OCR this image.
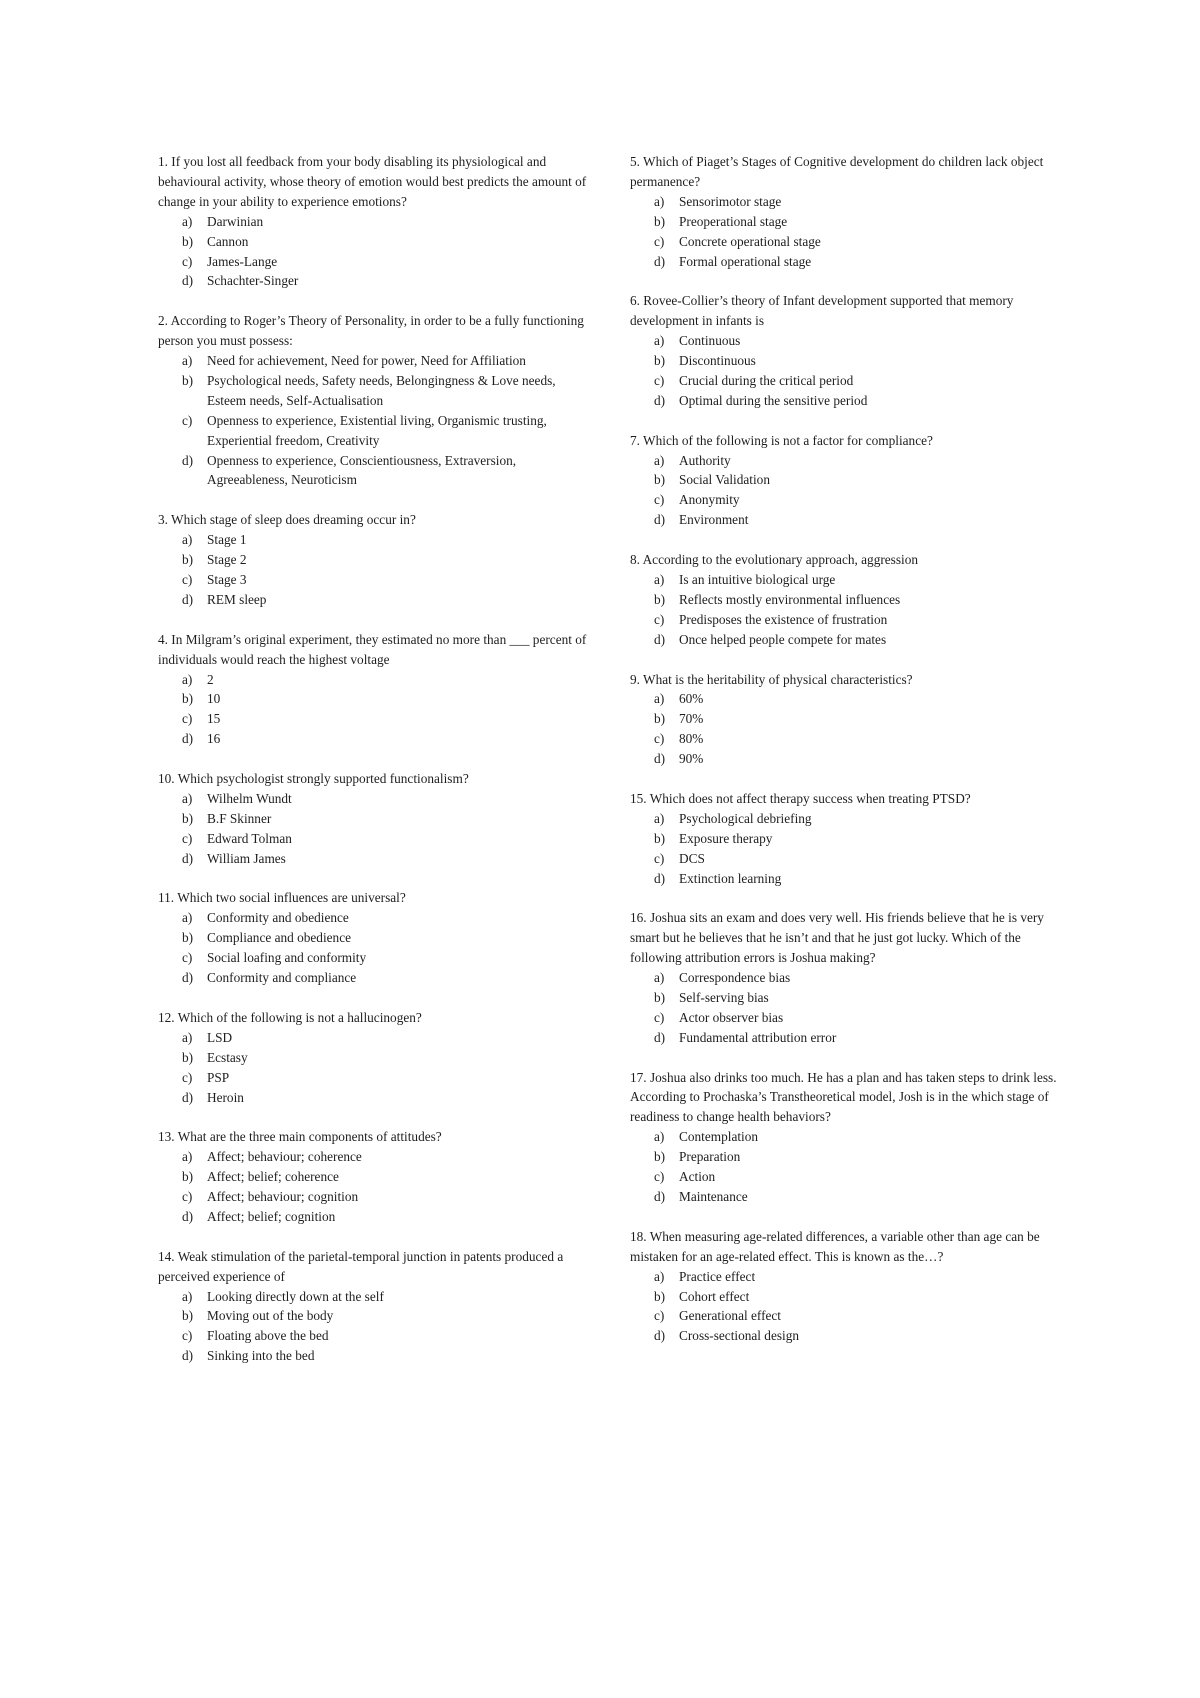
1. If you lost all feedback from your body disabling its physiological and behavioural activity, whose theory of emotion would best predicts the amount of change in your ability to experience emotions?

a)	Darwinian
b)	Cannon
c)	James-Lange
d)	Schachter-Singer

2. According to Roger’s Theory of Personality, in order to be a fully functioning person you must possess:

a)	Need for achievement, Need for power, Need for Affiliation
b)	Psychological needs, Safety needs, Belongingness & Love needs, Esteem needs, Self-Actualisation
c)	Openness to experience, Existential living, Organismic trusting, Experiential freedom, Creativity
d)	Openness to experience, Conscientiousness, Extraversion, Agreeableness, Neuroticism

3. Which stage of sleep does dreaming occur in?

a)	Stage 1
b)	Stage 2
c)	Stage 3
d)	REM sleep

4. In Milgram’s original experiment, they estimated no more than ___ percent of individuals would reach the highest voltage

a)	2
b)	10
c)	15
d)	16

10. Which psychologist strongly supported functionalism?

a)	Wilhelm Wundt
b)	B.F Skinner
c)	Edward Tolman
d)	William James

11. Which two social influences are universal?

a)	Conformity and obedience
b)	Compliance and obedience
c)	Social loafing and conformity
d)	Conformity and compliance

12. Which of the following is not a hallucinogen?

a)	LSD
b)	Ecstasy
c)	PSP
d)	Heroin

13. What are the three main components of attitudes?

a)	Affect; behaviour; coherence
b)	Affect; belief; coherence
c)	Affect; behaviour; cognition
d)	Affect; belief; cognition

14. Weak stimulation of the parietal-temporal junction in patents produced a perceived experience of

a)	Looking directly down at the self
b)	Moving out of the body
c)	Floating above the bed
d)	Sinking into the bed

5. Which of Piaget’s Stages of Cognitive development do children lack object permanence?

a)	Sensorimotor stage
b)	Preoperational stage
c)	Concrete operational stage
d)	Formal operational stage

6. Rovee-Collier’s theory of Infant development supported that memory development in infants is

a)	Continuous
b)	Discontinuous
c)	Crucial during the critical period
d)	Optimal during the sensitive period

7. Which of the following is not a factor for compliance?

a)	Authority
b)	Social Validation
c)	Anonymity
d)	Environment

8. According to the evolutionary approach, aggression

a)	Is an intuitive biological urge
b)	Reflects mostly environmental influences
c)	Predisposes the existence of frustration
d)	Once helped people compete for mates

9. What is the heritability of physical characteristics?

a)	60%
b)	70%
c)	80%
d)	90%

15. Which does not affect therapy success when treating PTSD?

a)	Psychological debriefing
b)	Exposure therapy
c)	DCS
d)	Extinction learning

16. Joshua sits an exam and does very well. His friends believe that he is very smart but he believes that he isn’t and that he just got lucky. Which of the following attribution errors is Joshua making?

a)	Correspondence bias
b)	Self-serving bias
c)	Actor observer bias
d)	Fundamental attribution error

17. Joshua also drinks too much. He has a plan and has taken steps to drink less. According to Prochaska’s Transtheoretical model, Josh is in the which stage of readiness to change health behaviors?

a)	Contemplation
b)	Preparation
c)	Action
d)	Maintenance

18. When measuring age-related differences, a variable other than age can be mistaken for an age-related effect. This is known as the…?

a)	Practice effect
b)	Cohort effect
c)	Generational effect
d)	Cross-sectional design
